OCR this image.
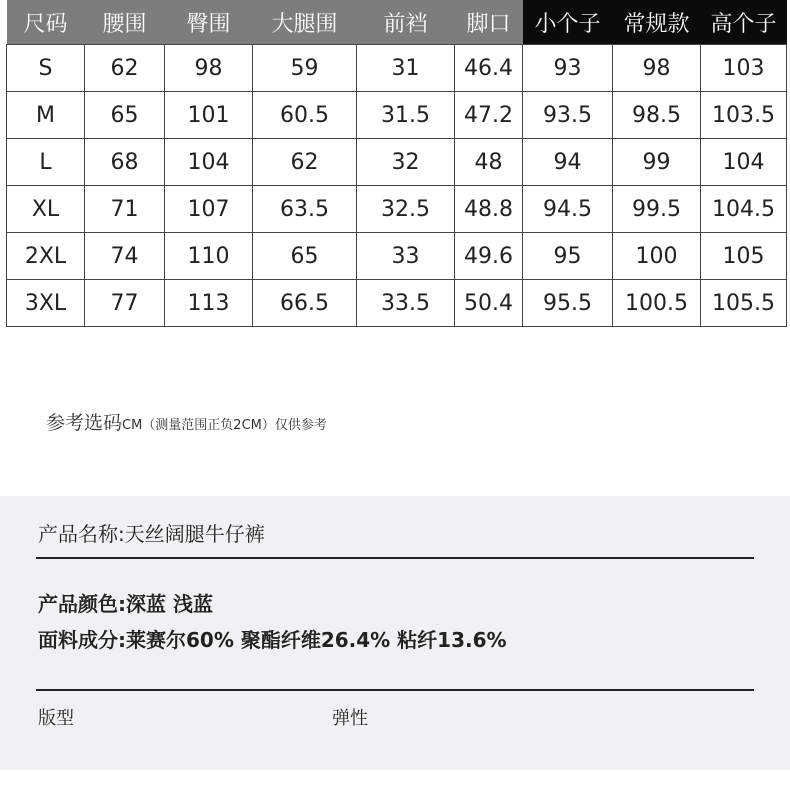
尺码	腰围	臀围	大腿围	前裆	脚口	小个子	常规款	高个子
S	62	98	59	31	46.4	93	98	103
M	65	101	60.5	31.5	47.2	93.5	98.5	103.5
L	68	104	62	32	48	94	99	104
XL	71	107	63.5	32.5	48.8	94.5	99.5	104.5
2XL	74	110	65	33	49.6	95	100	105
3XL	77	113	66.5	33.5	50.4	95.5	100.5	105.5
参考选码CM（测量范围正负2CM）仅供参考
产品名称:天丝阔腿牛仔裤
产品颜色:深蓝 浅蓝
面料成分:莱赛尔60% 聚酯纤维26.4% 粘纤13.6%
版型	弹性
